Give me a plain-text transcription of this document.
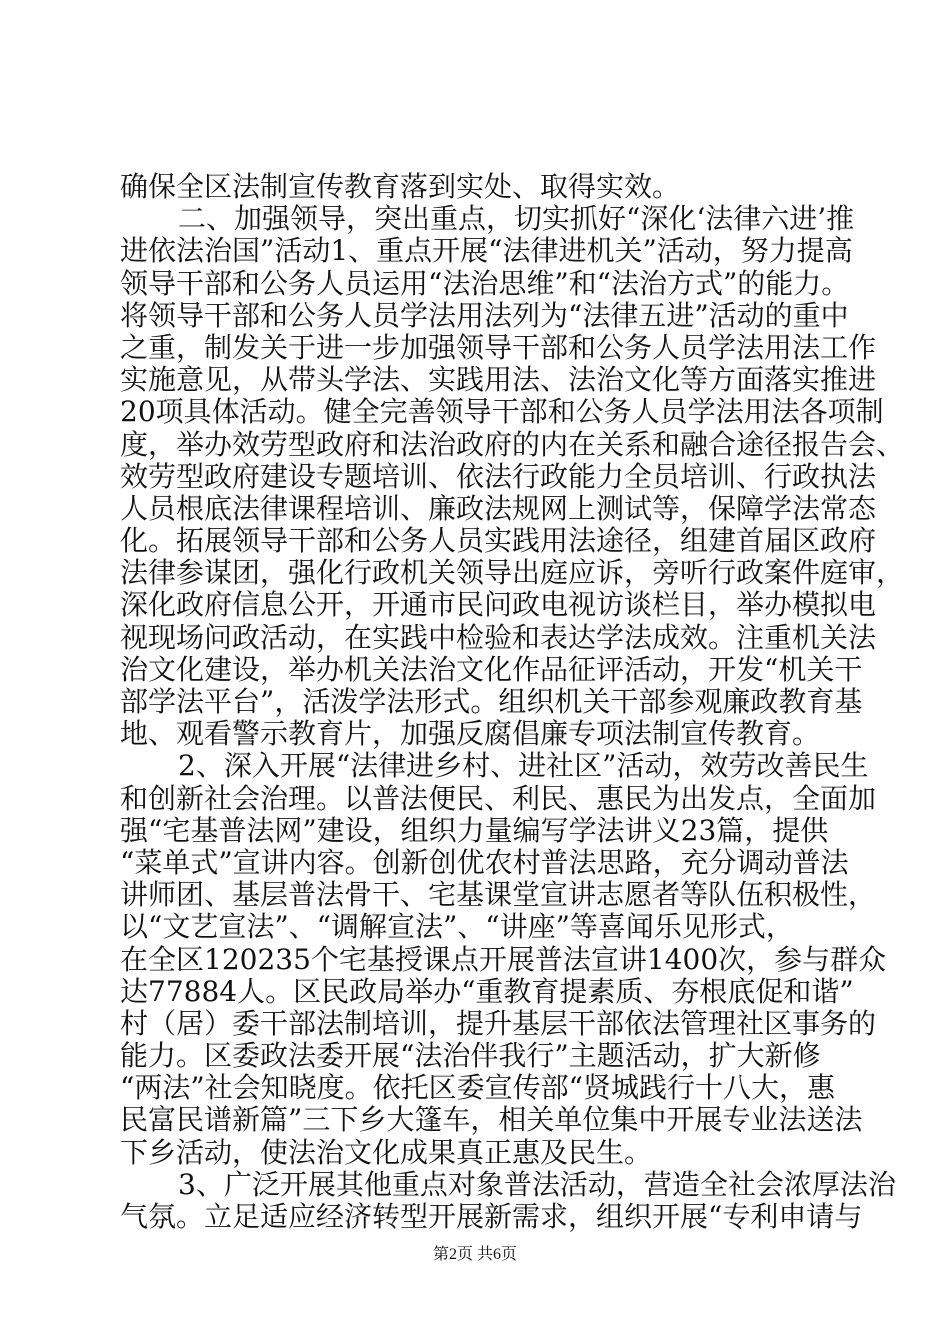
确保全区法制宣传教育落到实处、取得实效。
二、加强领导，突出重点，切实抓好“深化‘法律六进’推
进依法治国”活动1、重点开展“法律进机关”活动，努力提高
领导干部和公务人员运用“法治思维”和“法治方式”的能力。
将领导干部和公务人员学法用法列为“法律五进”活动的重中
之重，制发关于进一步加强领导干部和公务人员学法用法工作
实施意见，从带头学法、实践用法、法治文化等方面落实推进
20项具体活动。健全完善领导干部和公务人员学法用法各项制
度，举办效劳型政府和法治政府的内在关系和融合途径报告会、
效劳型政府建设专题培训、依法行政能力全员培训、行政执法
人员根底法律课程培训、廉政法规网上测试等，保障学法常态
化。拓展领导干部和公务人员实践用法途径，组建首届区政府
法律参谋团，强化行政机关领导出庭应诉，旁听行政案件庭审，
深化政府信息公开，开通市民问政电视访谈栏目，举办模拟电
视现场问政活动，在实践中检验和表达学法成效。注重机关法
治文化建设，举办机关法治文化作品征评活动，开发“机关干
部学法平台”，活泼学法形式。组织机关干部参观廉政教育基
地、观看警示教育片，加强反腐倡廉专项法制宣传教育。
2、深入开展“法律进乡村、进社区”活动，效劳改善民生
和创新社会治理。以普法便民、利民、惠民为出发点，全面加
强“宅基普法网”建设，组织力量编写学法讲义23篇，提供
“菜单式”宣讲内容。创新创优农村普法思路，充分调动普法
讲师团、基层普法骨干、宅基课堂宣讲志愿者等队伍积极性，
以“文艺宣法”、“调解宣法”、“讲座”等喜闻乐见形式，
在全区120235个宅基授课点开展普法宣讲1400次，参与群众
达77884人。区民政局举办“重教育提素质、夯根底促和谐”
村（居）委干部法制培训，提升基层干部依法管理社区事务的
能力。区委政法委开展“法治伴我行”主题活动，扩大新修
“两法”社会知晓度。依托区委宣传部“贤城践行十八大，惠
民富民谱新篇”三下乡大篷车，相关单位集中开展专业法送法
下乡活动，使法治文化成果真正惠及民生。
3、广泛开展其他重点对象普法活动，营造全社会浓厚法治
气氛。立足适应经济转型开展新需求，组织开展“专利申请与
第2页 共6页
